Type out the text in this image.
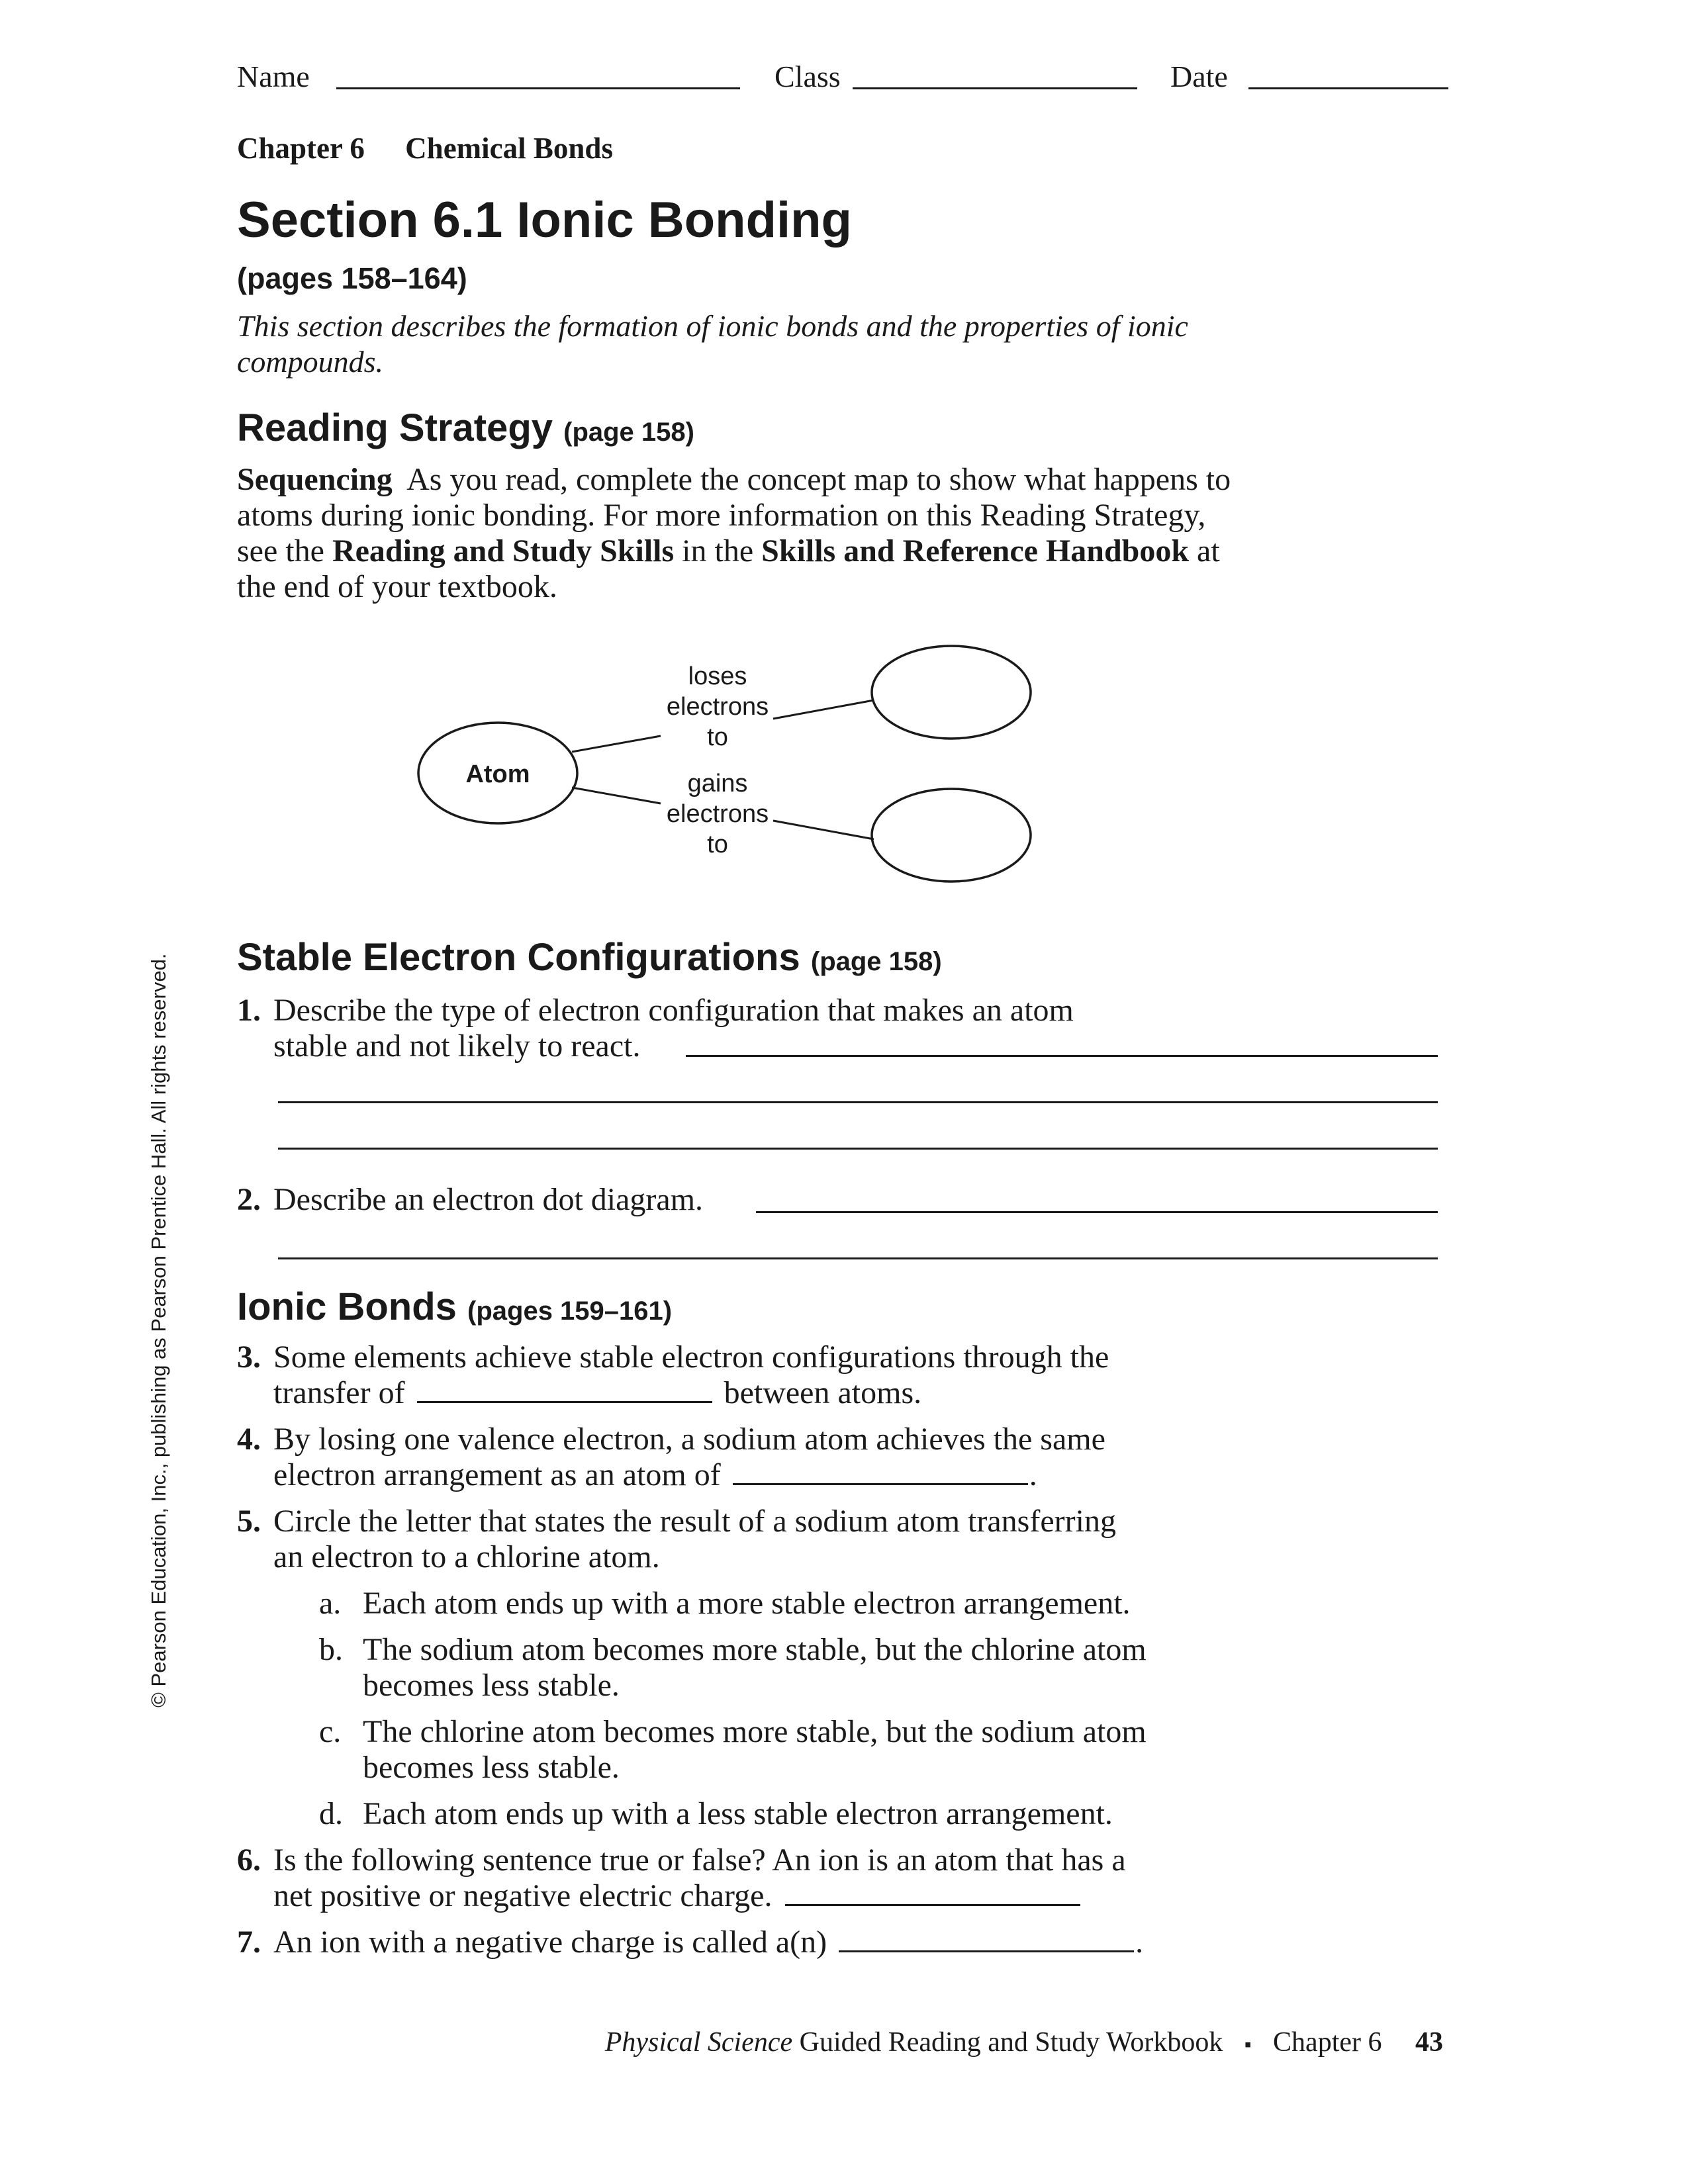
Name	Class	Date
Chapter 6 Chemical Bonds
Section 6.1 Ionic Bonding
(pages 158–164)
This section describes the formation of ionic bonds and the properties of ionic compounds.
Reading Strategy (page 158)
Sequencing As you read, complete the concept map to show what happens to atoms during ionic bonding. For more information on this Reading Strategy, see the Reading and Study Skills in the Skills and Reference Handbook at the end of your textbook.
Atom
loses
electrons
to
gains
electrons
to
Stable Electron Configurations (page 158)
1. Describe the type of electron configuration that makes an atom
stable and not likely to react.
2. Describe an electron dot diagram.
Ionic Bonds (pages 159–161)
3. Some elements achieve stable electron configurations through the
transfer of	between atoms.
4. By losing one valence electron, a sodium atom achieves the same
electron arrangement as an atom of	.
5. Circle the letter that states the result of a sodium atom transferring
an electron to a chlorine atom.
a. Each atom ends up with a more stable electron arrangement.
b. The sodium atom becomes more stable, but the chlorine atom
becomes less stable.
c. The chlorine atom becomes more stable, but the sodium atom
becomes less stable.
d. Each atom ends up with a less stable electron arrangement.
6. Is the following sentence true or false? An ion is an atom that has a
net positive or negative electric charge.
7. An ion with a negative charge is called a(n)	.
© Pearson Education, Inc., publishing as Pearson Prentice Hall. All rights reserved.
Physical Science Guided Reading and Study Workbook ▪ Chapter 6 43
